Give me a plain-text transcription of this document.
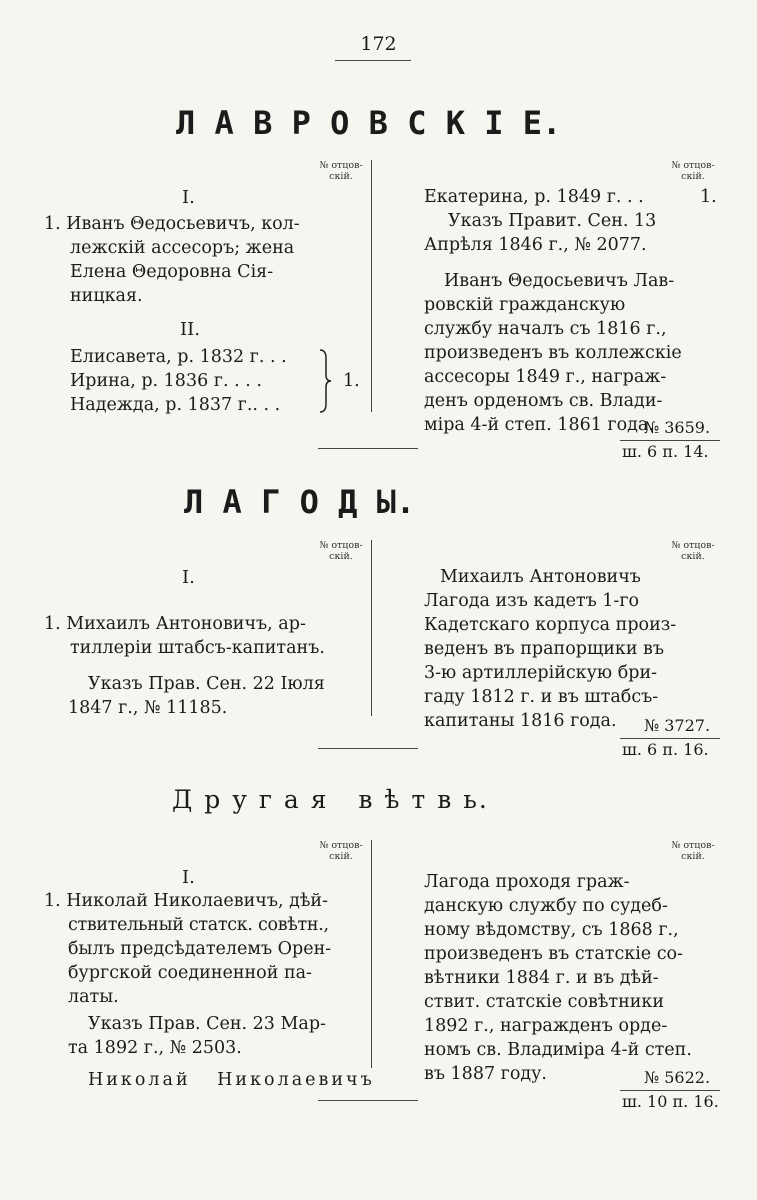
172
Л А В Р О В С К I Е.
№ отцов-
скій.
№ отцов-
скій.
I.
1. Иванъ Θедосьевичъ, кол-
лежскій ассесоръ; жена
Елена Θедоровна Сiя-
ницкая.
II.
Елисавета, р. 1832 г. . .
Ирина, р. 1836 г. . . .
Надежда, р. 1837 г.. . .
1.
Екатерина, р. 1849 г. . .	1.
Указъ Правит. Сен. 13
Апрѣля 1846 г., № 2077.
Иванъ Θедосьевичъ Лав-
ровскій гражданскую
службу началъ съ 1816 г.,
произведенъ въ коллежскіе
ассесоры 1849 г., награж-
денъ орденомъ св. Влади-
міра 4-й степ. 1861 года.
№ 3659.
ш. 6 п. 14.
Л А Г О Д Ы.
№ отцов-
скій.
№ отцов-
скій.
I.
1. Михаилъ Антоновичъ, ар-
тиллеріи штабсъ-капитанъ.
Указъ Прав. Сен. 22 Іюля
1847 г., № 11185.
Михаилъ Антоновичъ
Лагода изъ кадетъ 1-го
Кадетскаго корпуса произ-
веденъ въ прапорщики въ
3-ю артиллерійскую бри-
гаду 1812 г. и въ штабсъ-
капитаны 1816 года. № 3727.
ш. 6 п. 16.
Д р у г а я   в ѣ т в ь.
№ отцов-
скій.
№ отцов-
скій.
I.
1. Николай Николаевичъ, дѣй-
ствительный статск. совѣтн.,
былъ предсѣдателемъ Орен-
бургской соединенной па-
латы.
Указъ Прав. Сен. 23 Мар-
та 1892 г., № 2503.
Николай Николаевичъ
Лагода проходя граж-
данскую службу по судеб-
ному вѣдомству, съ 1868 г.,
произведенъ въ статскіе со-
вѣтники 1884 г. и въ дѣй-
ствит. статскіе совѣтники
1892 г., награжденъ орде-
номъ св. Владиміра 4-й степ.
въ 1887 году.	№ 5622.
ш. 10 п. 16.
